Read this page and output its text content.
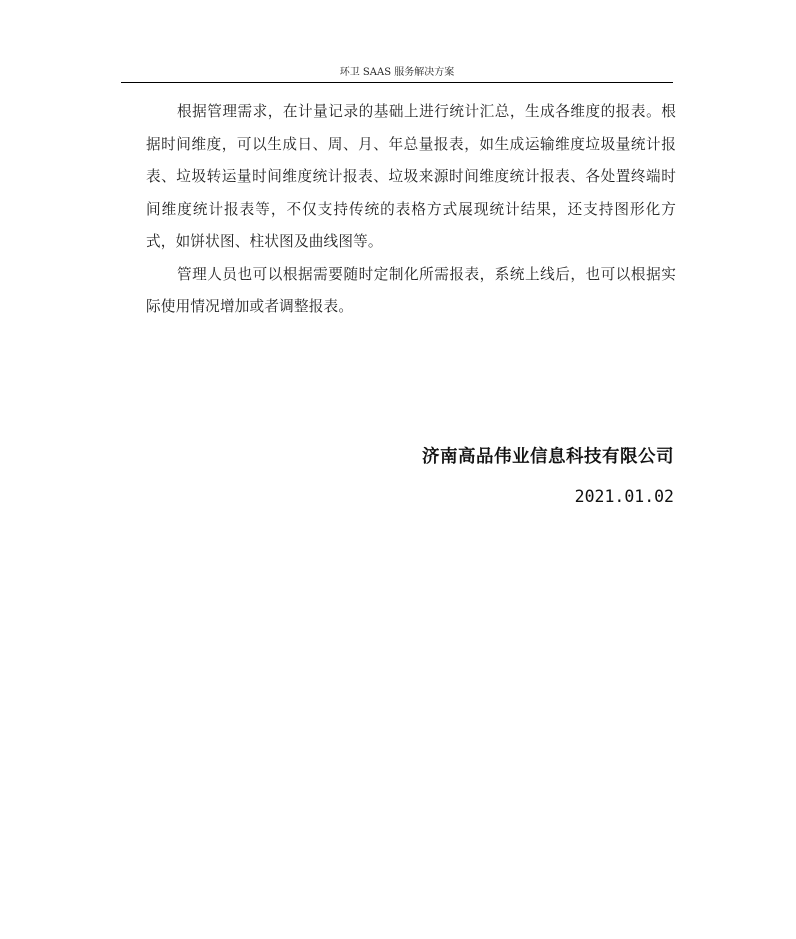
环卫 SAAS 服务解决方案

根据管理需求，在计量记录的基础上进行统计汇总，生成各维度的报表。根据时间维度，可以生成日、周、月、年总量报表，如生成运输维度垃圾量统计报表、垃圾转运量时间维度统计报表、垃圾来源时间维度统计报表、各处置终端时间维度统计报表等，不仅支持传统的表格方式展现统计结果，还支持图形化方式，如饼状图、柱状图及曲线图等。

管理人员也可以根据需要随时定制化所需报表，系统上线后，也可以根据实际使用情况增加或者调整报表。

济南高品伟业信息科技有限公司
2021.01.02
